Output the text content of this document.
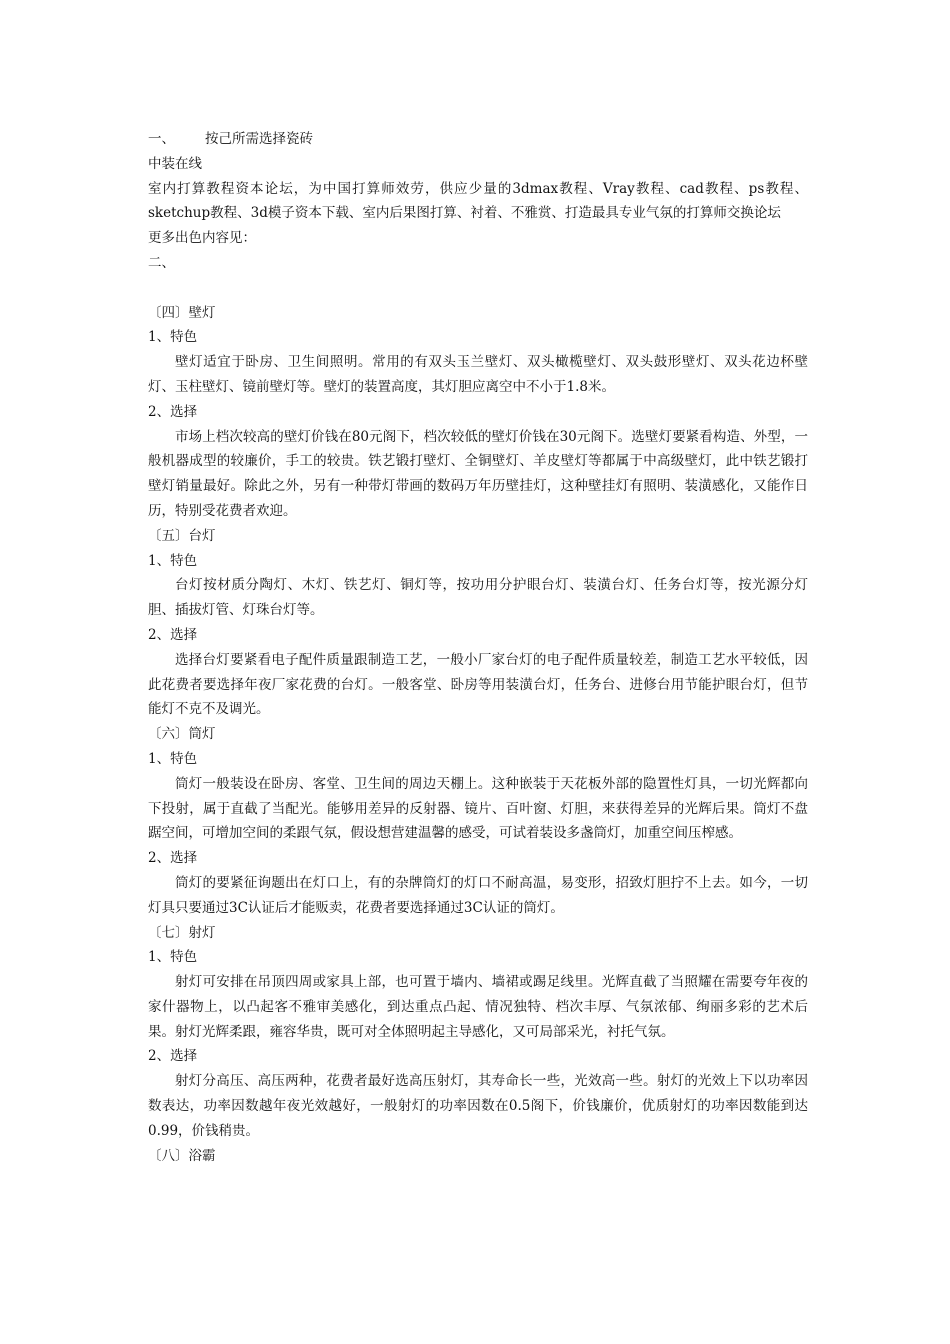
一、 按己所需选择瓷砖

中装在线

室内打算教程资本论坛，为中国打算师效劳，供应少量的3dmax教程、Vray教程、cad教程、ps教程、sketchup教程、3d模子资本下载、室内后果图打算、衬着、不雅赏、打造最具专业气氛的打算师交换论坛

更多出色内容见：

二、

〔四〕壁灯

1、特色

壁灯适宜于卧房、卫生间照明。常用的有双头玉兰壁灯、双头橄榄壁灯、双头鼓形壁灯、双头花边杯壁灯、玉柱壁灯、镜前壁灯等。壁灯的装置高度，其灯胆应离空中不小于1.8米。

2、选择

市场上档次较高的壁灯价钱在80元阁下，档次较低的壁灯价钱在30元阁下。选壁灯要紧看构造、外型，一般机器成型的较廉价，手工的较贵。铁艺锻打壁灯、全铜壁灯、羊皮壁灯等都属于中高级壁灯，此中铁艺锻打壁灯销量最好。除此之外，另有一种带灯带画的数码万年历壁挂灯，这种壁挂灯有照明、装潢感化，又能作日历，特别受花费者欢迎。

〔五〕台灯

1、特色

台灯按材质分陶灯、木灯、铁艺灯、铜灯等，按功用分护眼台灯、装潢台灯、任务台灯等，按光源分灯胆、插拔灯管、灯珠台灯等。

2、选择

选择台灯要紧看电子配件质量跟制造工艺，一般小厂家台灯的电子配件质量较差，制造工艺水平较低，因此花费者要选择年夜厂家花费的台灯。一般客堂、卧房等用装潢台灯，任务台、进修台用节能护眼台灯，但节能灯不克不及调光。

〔六〕筒灯

1、特色

筒灯一般装设在卧房、客堂、卫生间的周边天棚上。这种嵌装于天花板外部的隐置性灯具，一切光辉都向下投射，属于直截了当配光。能够用差异的反射器、镜片、百叶窗、灯胆，来获得差异的光辉后果。筒灯不盘踞空间，可增加空间的柔跟气氛，假设想营建温馨的感受，可试着装设多盏筒灯，加重空间压榨感。

2、选择

筒灯的要紧征询题出在灯口上，有的杂牌筒灯的灯口不耐高温，易变形，招致灯胆拧不上去。如今，一切灯具只要通过3C认证后才能贩卖，花费者要选择通过3C认证的筒灯。

〔七〕射灯

1、特色

射灯可安排在吊顶四周或家具上部，也可置于墙内、墙裙或踢足线里。光辉直截了当照耀在需要夸年夜的家什器物上，以凸起客不雅审美感化，到达重点凸起、情况独特、档次丰厚、气氛浓郁、绚丽多彩的艺术后果。射灯光辉柔跟，雍容华贵，既可对全体照明起主导感化，又可局部采光，衬托气氛。

2、选择

射灯分高压、高压两种，花费者最好选高压射灯，其寿命长一些，光效高一些。射灯的光效上下以功率因数表达，功率因数越年夜光效越好，一般射灯的功率因数在0.5阁下，价钱廉价，优质射灯的功率因数能到达0.99，价钱稍贵。

〔八〕浴霸
